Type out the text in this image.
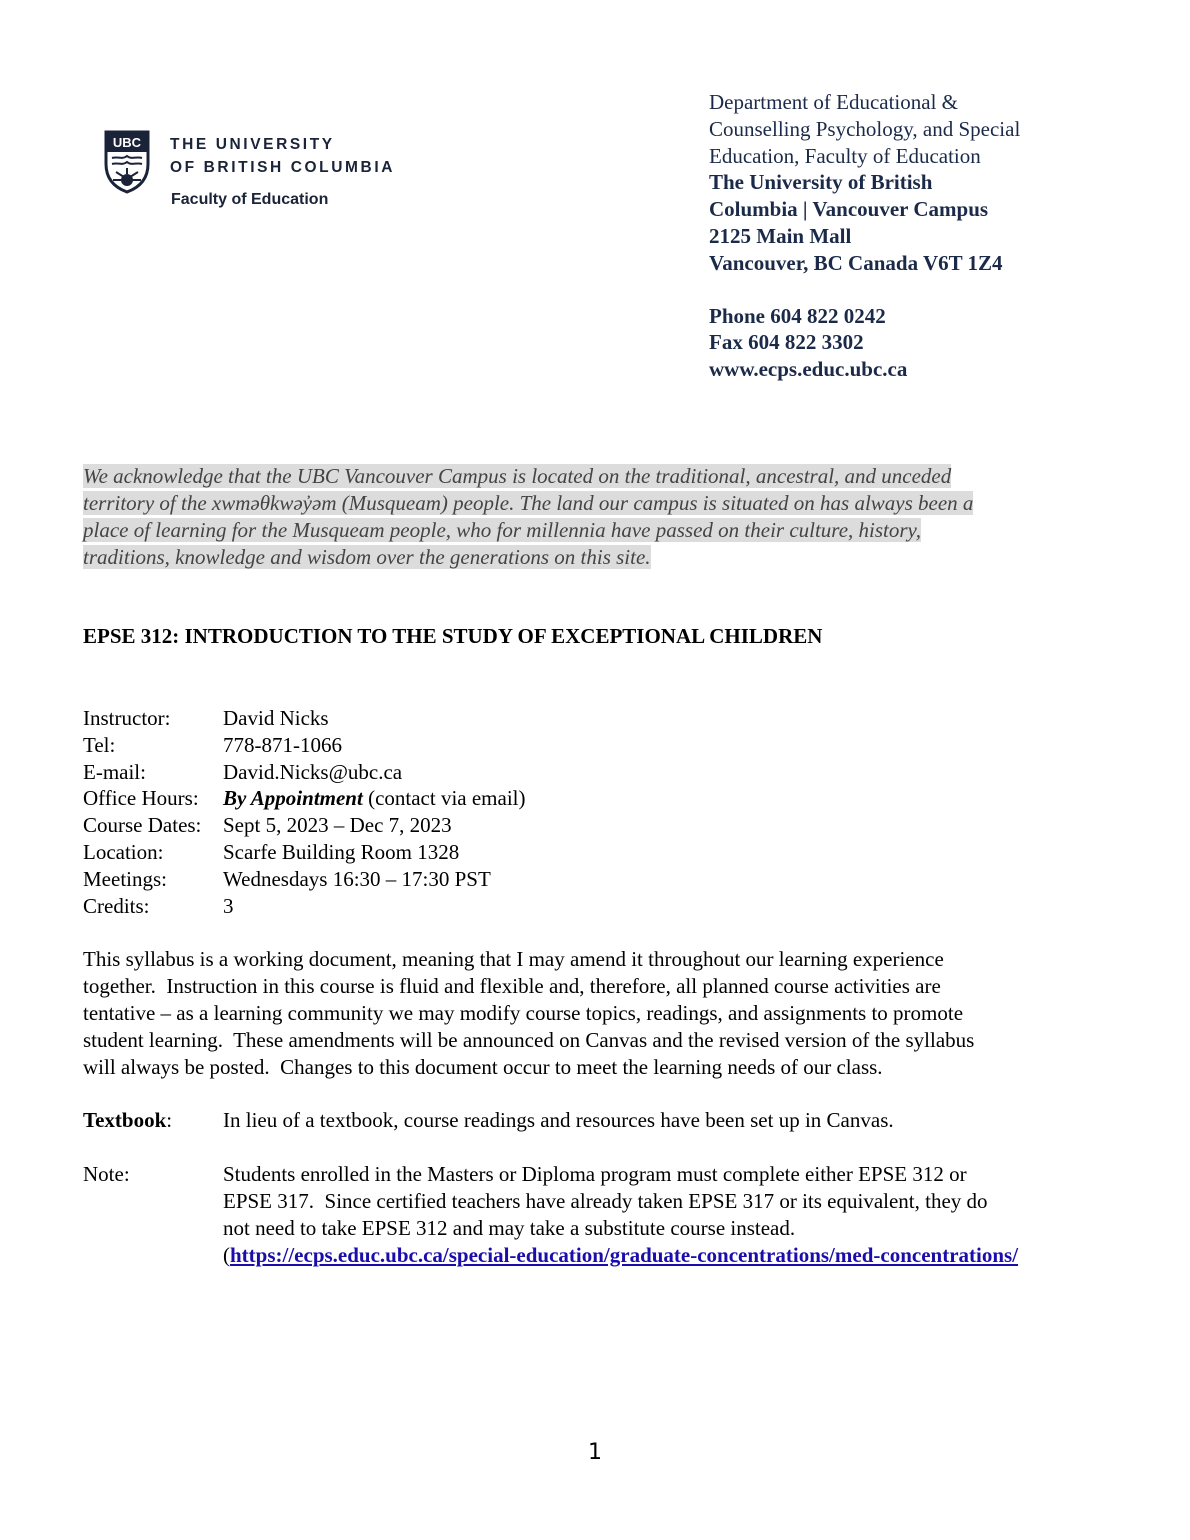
UBC THE UNIVERSITY
OF BRITISH COLUMBIA
Faculty of Education
Department of Educational &
Counselling Psychology, and Special
Education, Faculty of Education
The University of British
Columbia | Vancouver Campus
2125 Main Mall
Vancouver, BC Canada V6T 1Z4
Phone 604 822 0242
Fax 604 822 3302
www.ecps.educ.ubc.ca
We acknowledge that the UBC Vancouver Campus is located on the traditional, ancestral, and unceded
territory of the xwməθkwəy̓əm (Musqueam) people. The land our campus is situated on has always been a
place of learning for the Musqueam people, who for millennia have passed on their culture, history,
traditions, knowledge and wisdom over the generations on this site.
EPSE 312: INTRODUCTION TO THE STUDY OF EXCEPTIONAL CHILDREN
Instructor:	David Nicks
Tel:	778-871-1066
E-mail:	David.Nicks@ubc.ca
Office Hours:	By Appointment (contact via email)
Course Dates:	Sept 5, 2023 – Dec 7, 2023
Location:	Scarfe Building Room 1328
Meetings:	Wednesdays 16:30 – 17:30 PST
Credits:	3
This syllabus is a working document, meaning that I may amend it throughout our learning experience
together.  Instruction in this course is fluid and flexible and, therefore, all planned course activities are
tentative – as a learning community we may modify course topics, readings, and assignments to promote
student learning.  These amendments will be announced on Canvas and the revised version of the syllabus
will always be posted.  Changes to this document occur to meet the learning needs of our class.
Textbook:	In lieu of a textbook, course readings and resources have been set up in Canvas.
Note:	Students enrolled in the Masters or Diploma program must complete either EPSE 312 or
EPSE 317.  Since certified teachers have already taken EPSE 317 or its equivalent, they do
not need to take EPSE 312 and may take a substitute course instead.
(https://ecps.educ.ubc.ca/special-education/graduate-concentrations/med-concentrations/
1
